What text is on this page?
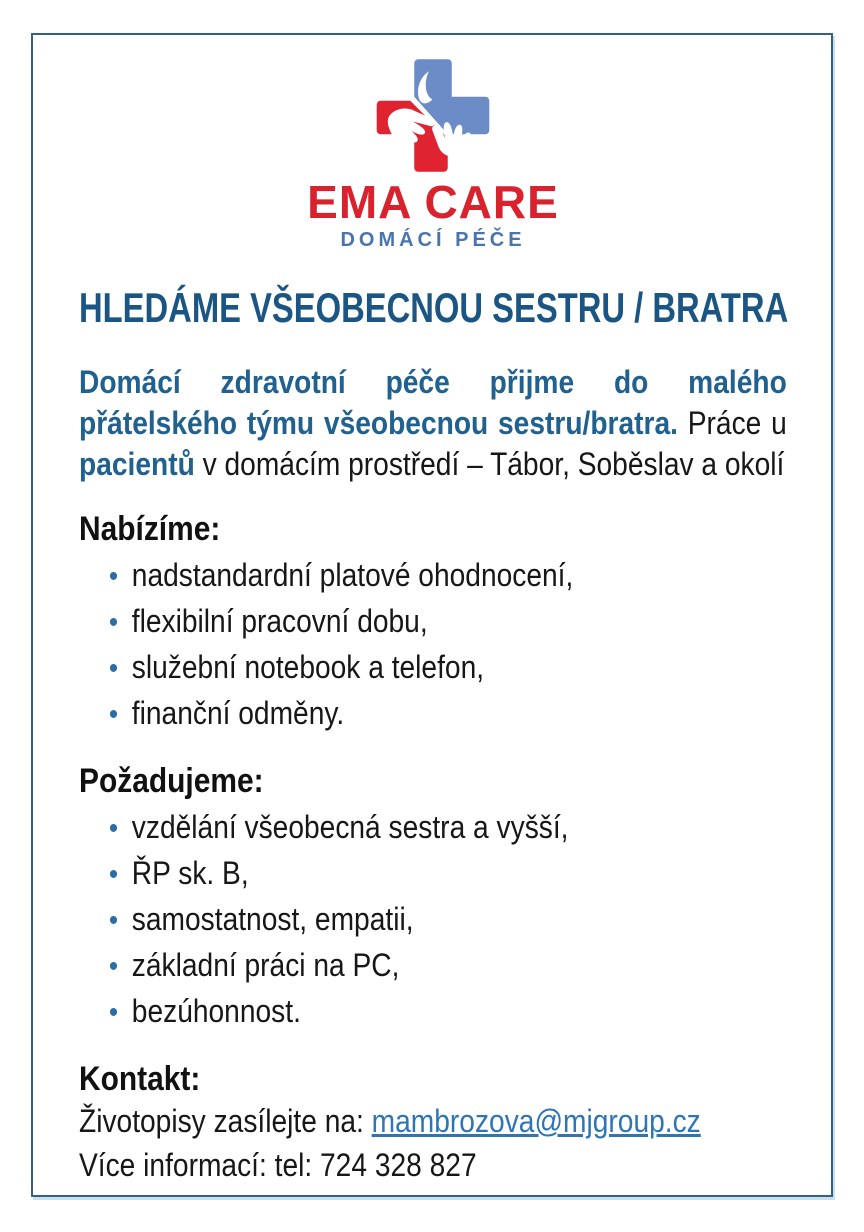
EMA CARE
DOMÁCÍ PÉČE
HLEDÁME VŠEOBECNOU SESTRU / BRATRA
Domácí zdravotní péče přijme do malého přátelského týmu všeobecnou sestru/bratra. Práce u pacientů v domácím prostředí – Tábor, Soběslav a okolí
Nabízíme:
• nadstandardní platové ohodnocení,
• flexibilní pracovní dobu,
• služební notebook a telefon,
• finanční odměny.
Požadujeme:
• vzdělání všeobecná sestra a vyšší,
• ŘP sk. B,
• samostatnost, empatii,
• základní práci na PC,
• bezúhonnost.
Kontakt:
Životopisy zasílejte na: mambrozova@mjgroup.cz
Více informací: tel: 724 328 827
